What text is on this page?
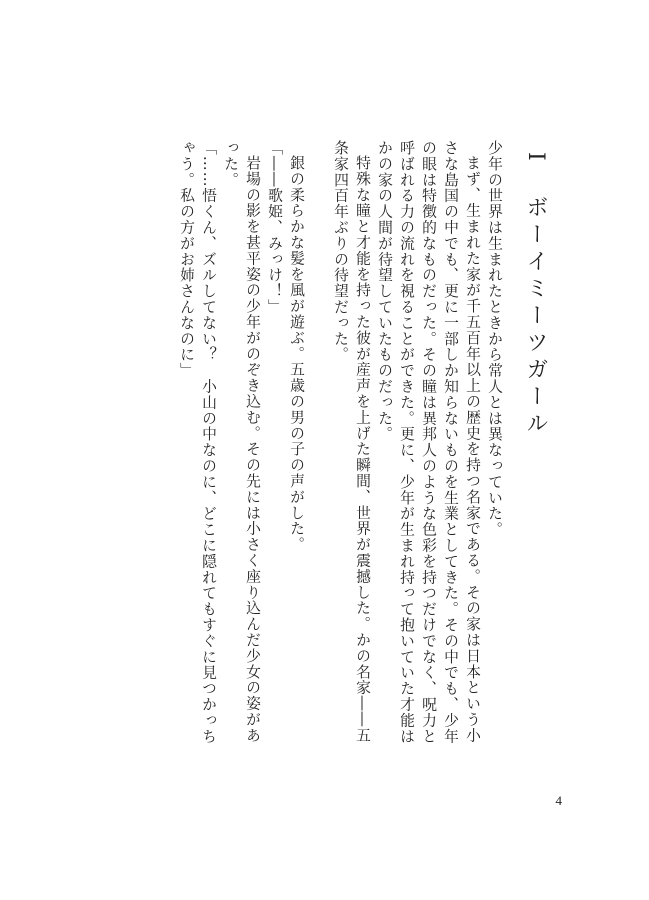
Iボーイミーツガール
少年の世界は生まれたときから常人とは異なっていた。
まず、生まれた家が千五百年以上の歴史を持つ名家である。その家は日本という小
さな島国の中でも、更に一部しか知らないものを生業としてきた。その中でも、少年
の眼は特徴的なものだった。その瞳は異邦人のような色彩を持つだけでなく、呪力と
呼ばれる力の流れを視ることができた。更に、少年が生まれ持って抱いていた才能は
かの家の人間が待望していたものだった。
特殊な瞳と才能を持った彼が産声を上げた瞬間、世界が震撼した。かの名家――五
条家四百年ぶりの待望だった。
銀の柔らかな髪を風が遊ぶ。五歳の男の子の声がした。
「――歌姫、みっけ！」
岩場の影を甚平姿の少年がのぞき込む。その先には小さく座り込んだ少女の姿があ
った。
「……悟くん、ズルしてない？　小山の中なのに、どこに隠れてもすぐに見つかっち
ゃう。私の方がお姉さんなのに」
4
